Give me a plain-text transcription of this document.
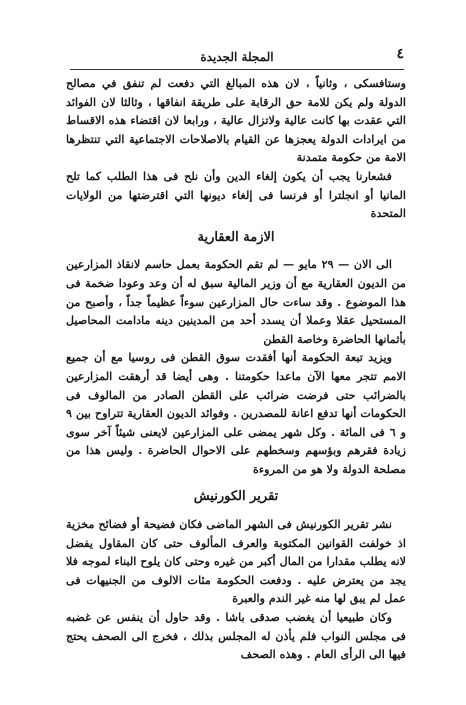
المجلة الجديدة	٤

وستافسكى ، وثانياً ، لان هذه المبالغ التي دفعت لم تنفق في مصالح الدولة ولم يكن للامة حق الرقابة على طريقة انفاقها ، وثالثا لان الفوائد التي عقدت بها كانت عالية ولاتزال عالية ، ورابعا لان اقتضاء هذه الاقساط من ايرادات الدولة يعجزها عن القيام بالاصلاحات الاجتماعية التي تنتظرها الامة من حكومة متمدنة

فشعارنا يجب أن يكون إلغاء الدين وأن نلح فى هذا الطلب كما تلح المانيا أو انجلترا أو فرنسا فى إلغاء ديونها التي اقترضتها من الولايات المتحدة

الازمة العقارية

الى الان — ٢٩ مايو — لم تقم الحكومة بعمل حاسم لانقاذ المزارعين من الديون العقارية مع أن وزير المالية سبق له أن وعد وعودا ضخمة فى هذا الموضوع . وقد ساءت حال المزارعين سوءاً عظيماً جداً ، وأصبح من المستحيل عقلا وعملا أن يسدد أحد من المدينين دينه مادامت المحاصيل بأثمانها الحاضرة وخاصة القطن

ويزيد تبعة الحكومة أنها أفقدت سوق القطن فى روسيا مع أن جميع الامم تتجر معها الآن ماعدا حكومتنا . وهى أيضا قد أرهقت المزارعين بالضرائب حتى فرضت ضرائب على القطن الصادر من المالوف فى الحكومات أنها تدفع اعانة للمصدرين . وفوائد الديون العقارية تتراوح بين ٩ و ٦ فى المائة . وكل شهر يمضى على المزارعين لايعنى شيئاً آخر سوى زيادة فقرهم وبؤسهم وسخطهم على الاحوال الحاضرة . وليس هذا من مصلحة الدولة ولا هو من المروءة

تقرير الكورنيش

نشر تقرير الكورنيش فى الشهر الماضى فكان فضيحة أو فضائح مخزية اذ خولفت القوانين المكتوبة والعرف المألوف حتى كان المقاول يفضل لانه يطلب مقدارا من المال أكبر من غيره وحتى كان يلوح البناء لموجه فلا يجد من يعترض عليه . ودفعت الحكومة مئات الالوف من الجنيهات فى عمل لم يبق لها منه غير الندم والعبرة

وكان طبيعيا أن يغضب صدقى باشا . وقد حاول أن ينفس عن غضبه فى مجلس النواب فلم يأذن له المجلس بذلك ، فخرج الى الصحف يحتج فيها الى الرأى العام . وهذه الصحف
